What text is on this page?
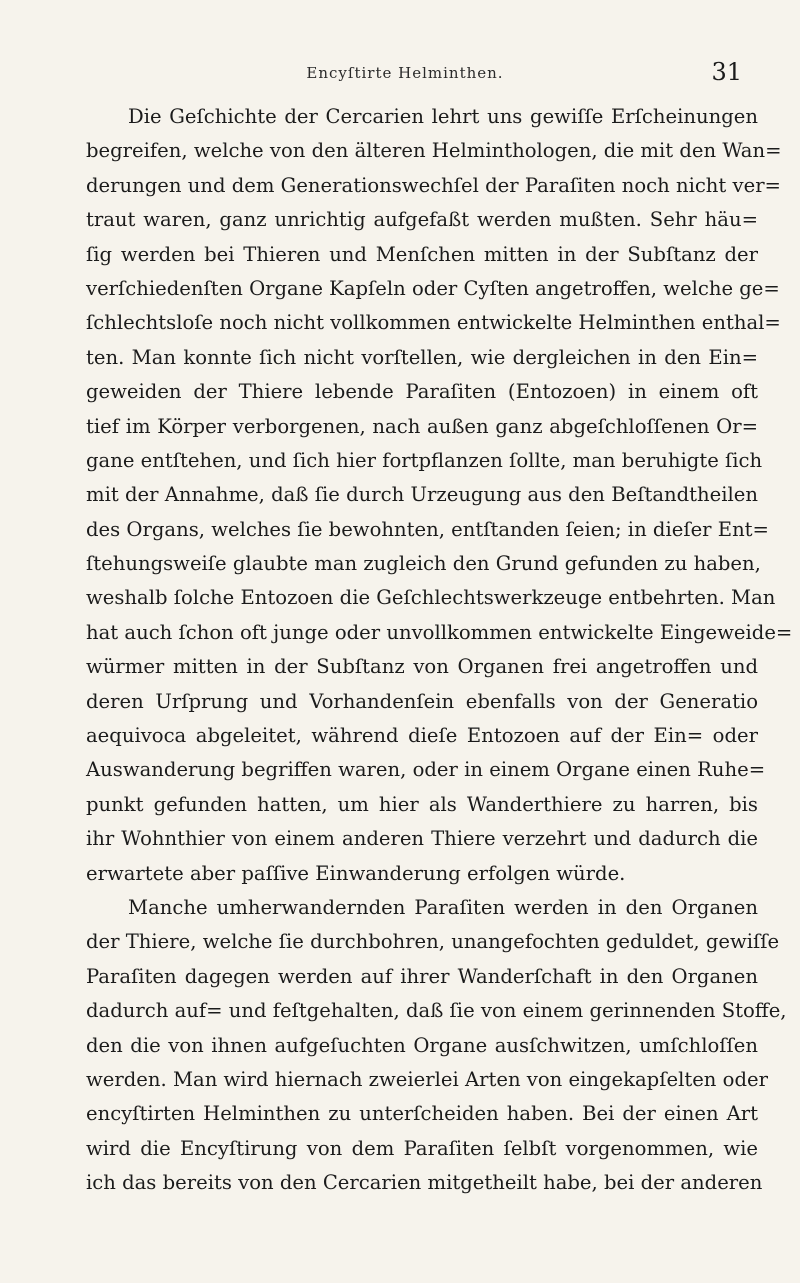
Encyſtirte Helminthen.	31

Die Geſchichte der Cercarien lehrt uns gewiſſe Erſcheinungen
begreifen, welche von den älteren Helminthologen, die mit den Wan=
derungen und dem Generationswechſel der Paraſiten noch nicht ver=
traut waren, ganz unrichtig aufgefaßt werden mußten. Sehr häu=
ſig werden bei Thieren und Menſchen mitten in der Subſtanz der
verſchiedenſten Organe Kapſeln oder Cyſten angetroffen, welche ge=
ſchlechtsloſe noch nicht vollkommen entwickelte Helminthen enthal=
ten. Man konnte ſich nicht vorſtellen, wie dergleichen in den Ein=
geweiden der Thiere lebende Paraſiten (Entozoen) in einem oft
tief im Körper verborgenen, nach außen ganz abgeſchloſſenen Or=
gane entſtehen, und ſich hier fortpflanzen ſollte, man beruhigte ſich
mit der Annahme, daß ſie durch Urzeugung aus den Beſtandtheilen
des Organs, welches ſie bewohnten, entſtanden ſeien; in dieſer Ent=
ſtehungsweiſe glaubte man zugleich den Grund gefunden zu haben,
weshalb ſolche Entozoen die Geſchlechtswerkzeuge entbehrten. Man
hat auch ſchon oft junge oder unvollkommen entwickelte Eingeweide=
würmer mitten in der Subſtanz von Organen frei angetroffen und
deren Urſprung und Vorhandenſein ebenfalls von der Generatio
aequivoca abgeleitet, während dieſe Entozoen auf der Ein= oder
Auswanderung begriffen waren, oder in einem Organe einen Ruhe=
punkt gefunden hatten, um hier als Wanderthiere zu harren, bis
ihr Wohnthier von einem anderen Thiere verzehrt und dadurch die
erwartete aber paſſive Einwanderung erfolgen würde.

Manche umherwandernden Paraſiten werden in den Organen
der Thiere, welche ſie durchbohren, unangefochten geduldet, gewiſſe
Paraſiten dagegen werden auf ihrer Wanderſchaft in den Organen
dadurch auf= und feſtgehalten, daß ſie von einem gerinnenden Stoffe,
den die von ihnen aufgeſuchten Organe ausſchwitzen, umſchloſſen
werden. Man wird hiernach zweierlei Arten von eingekapſelten oder
encyſtirten Helminthen zu unterſcheiden haben. Bei der einen Art
wird die Encyſtirung von dem Paraſiten ſelbſt vorgenommen, wie
ich das bereits von den Cercarien mitgetheilt habe, bei der anderen
